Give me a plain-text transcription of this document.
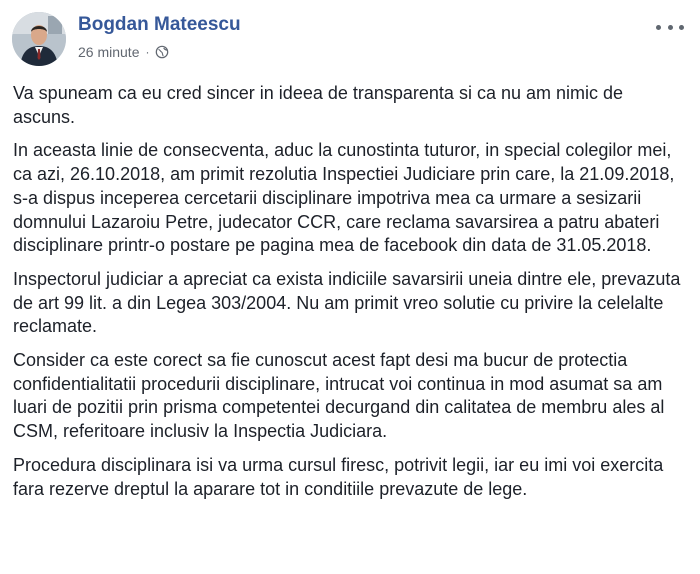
Bogdan Mateescu
26 minute ·

Va spuneam ca eu cred sincer in ideea de transparenta si ca nu am nimic de ascuns.

In aceasta linie de consecventa, aduc la cunostinta tuturor, in special colegilor mei, ca azi, 26.10.2018, am primit rezolutia Inspectiei Judiciare prin care, la 21.09.2018, s-a dispus inceperea cercetarii disciplinare impotriva mea ca urmare a sesizarii domnului Lazaroiu Petre, judecator CCR, care reclama savarsirea a patru abateri disciplinare printr-o postare pe pagina mea de facebook din data de 31.05.2018.

Inspectorul judiciar a apreciat ca exista indiciile savarsirii uneia dintre ele, prevazuta de art 99 lit. a din Legea 303/2004. Nu am primit vreo solutie cu privire la celelalte reclamate.

Consider ca este corect sa fie cunoscut acest fapt desi ma bucur de protectia confidentialitatii procedurii disciplinare, intrucat voi continua in mod asumat sa am luari de pozitii prin prisma competentei decurgand din calitatea de membru ales al CSM, referitoare inclusiv la Inspectia Judiciara.

Procedura disciplinara isi va urma cursul firesc, potrivit legii, iar eu imi voi exercita fara rezerve dreptul la aparare tot in conditiile prevazute de lege.
